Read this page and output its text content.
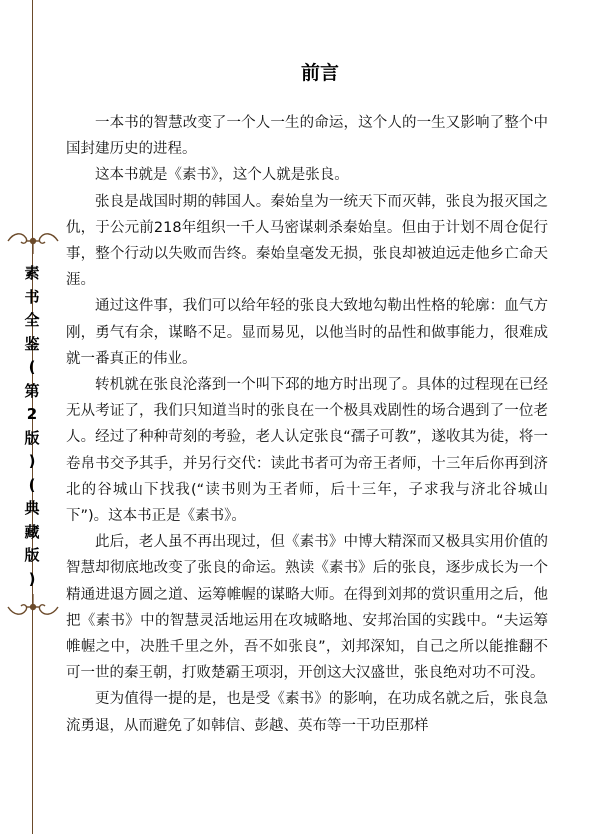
素
书
全
鉴
(
第
2
版
)
(
典
藏
版
)
前言

一本书的智慧改变了一个人一生的命运，这个人的一生又影响了整个中国封建历史的进程。

这本书就是《素书》，这个人就是张良。

张良是战国时期的韩国人。秦始皇为一统天下而灭韩，张良为报灭国之仇，于公元前218年组织一千人马密谋刺杀秦始皇。但由于计划不周仓促行事，整个行动以失败而告终。秦始皇毫发无损，张良却被迫远走他乡亡命天涯。

通过这件事，我们可以给年轻的张良大致地勾勒出性格的轮廓：血气方刚，勇气有余，谋略不足。显而易见，以他当时的品性和做事能力，很难成就一番真正的伟业。

转机就在张良沦落到一个叫下邳的地方时出现了。具体的过程现在已经无从考证了，我们只知道当时的张良在一个极具戏剧性的场合遇到了一位老人。经过了种种苛刻的考验，老人认定张良“孺子可教”，遂收其为徒，将一卷帛书交予其手，并另行交代：读此书者可为帝王者师，十三年后你再到济北的谷城山下找我(“读书则为王者师，后十三年，子求我与济北谷城山下”)。这本书正是《素书》。

此后，老人虽不再出现过，但《素书》中博大精深而又极具实用价值的智慧却彻底地改变了张良的命运。熟读《素书》后的张良，逐步成长为一个精通进退方圆之道、运筹帷幄的谋略大师。在得到刘邦的赏识重用之后，他把《素书》中的智慧灵活地运用在攻城略地、安邦治国的实践中。“夫运筹帷幄之中，决胜千里之外，吾不如张良”，刘邦深知，自己之所以能推翻不可一世的秦王朝，打败楚霸王项羽，开创这大汉盛世，张良绝对功不可没。

更为值得一提的是，也是受《素书》的影响，在功成名就之后，张良急流勇退，从而避免了如韩信、彭越、英布等一干功臣那样
